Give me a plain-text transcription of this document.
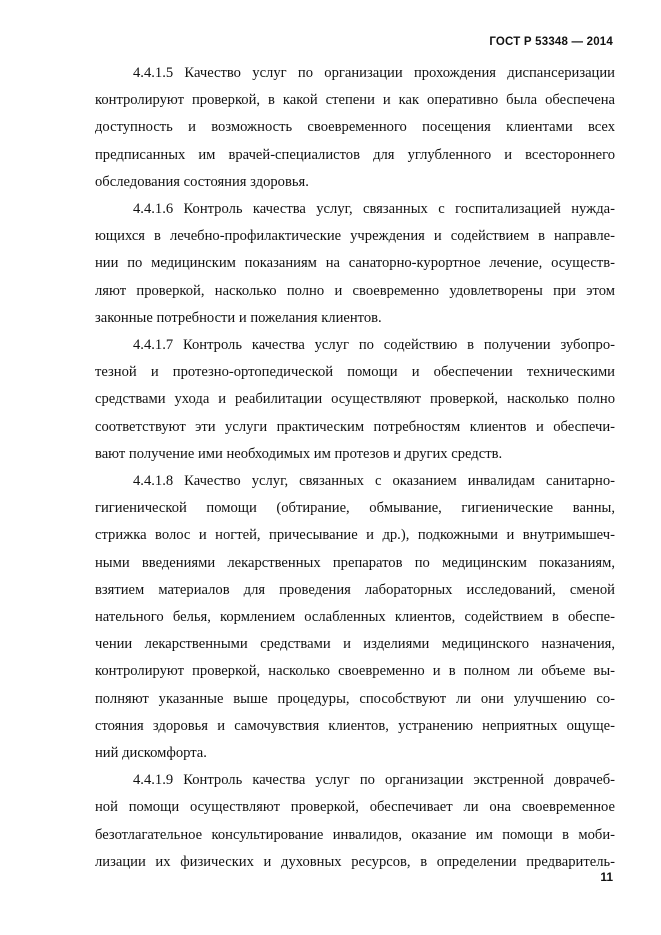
ГОСТ Р 53348 — 2014
4.4.1.5 Качество услуг по организации прохождения диспансеризации
контролируют проверкой, в какой степени и как оперативно была обеспечена
доступность и возможность своевременного посещения клиентами всех
предписанных им врачей-специалистов для углубленного и всестороннего
обследования состояния здоровья.
4.4.1.6 Контроль качества услуг, связанных с госпитализацией нужда-
ющихся в лечебно-профилактические учреждения и содействием в направле-
нии по медицинским показаниям на санаторно-курортное лечение, осуществ-
ляют проверкой, насколько полно и своевременно удовлетворены при этом
законные потребности и пожелания клиентов.
4.4.1.7 Контроль качества услуг по содействию в получении зубопро-
тезной и протезно-ортопедической помощи и обеспечении техническими
средствами ухода и реабилитации осуществляют проверкой, насколько полно
соответствуют эти услуги практическим потребностям клиентов и обеспечи-
вают получение ими необходимых им протезов и других средств.
4.4.1.8 Качество услуг, связанных с оказанием инвалидам санитарно-
гигиенической помощи (обтирание, обмывание, гигиенические ванны,
стрижка волос и ногтей, причесывание и др.), подкожными и внутримышеч-
ными введениями лекарственных препаратов по медицинским показаниям,
взятием материалов для проведения лабораторных исследований, сменой
нательного белья, кормлением ослабленных клиентов, содействием в обеспе-
чении лекарственными средствами и изделиями медицинского назначения,
контролируют проверкой, насколько своевременно и в полном ли объеме вы-
полняют указанные выше процедуры, способствуют ли они улучшению со-
стояния здоровья и самочувствия клиентов, устранению неприятных ощуще-
ний дискомфорта.
4.4.1.9 Контроль качества услуг по организации экстренной доврачеб-
ной помощи осуществляют проверкой, обеспечивает ли она своевременное
безотлагательное консультирование инвалидов, оказание им помощи в моби-
лизации их физических и духовных ресурсов, в определении предваритель-
11
